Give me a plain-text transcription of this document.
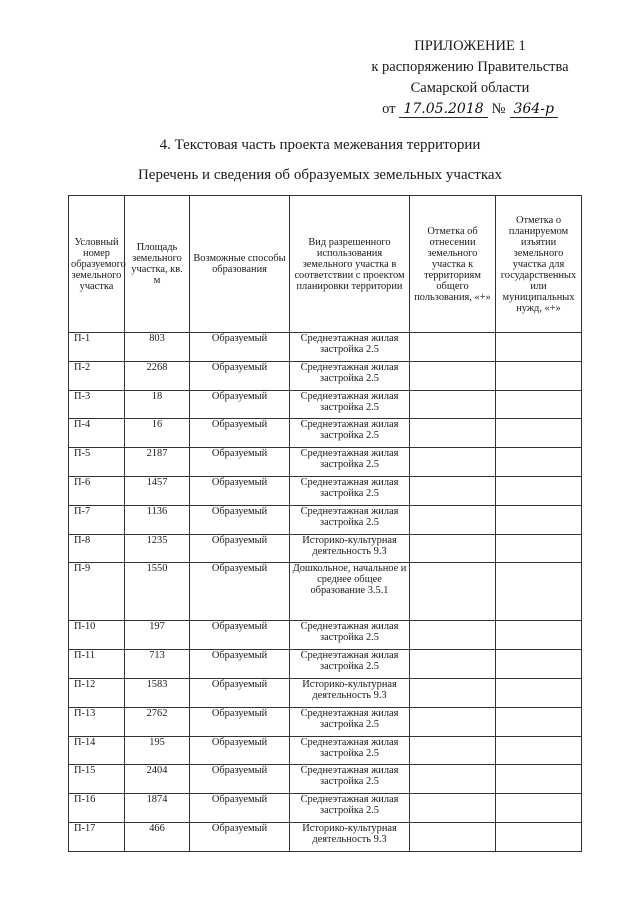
ПРИЛОЖЕНИЕ 1
к распоряжению Правительства
Самарской области
от 17.05.2018 № 364-р
4. Текстовая часть проекта межевания территории
Перечень и сведения об образуемых земельных участках
Условный номер образуемого земельного участка	Площадь земельного участка, кв. м	Возможные способы образования	Вид разрешенного использования земельного участка в соответствии с проектом планировки территории	Отметка об отнесении земельного участка к территориям общего пользования, «+»	Отметка о планируемом изъятии земельного участка для государственных или муниципальных нужд, «+»
П-1	803	Образуемый	Среднеэтажная жилая застройка 2.5		
П-2	2268	Образуемый	Среднеэтажная жилая застройка 2.5		
П-3	18	Образуемый	Среднеэтажная жилая застройка 2.5		
П-4	16	Образуемый	Среднеэтажная жилая застройка 2.5		
П-5	2187	Образуемый	Среднеэтажная жилая застройка 2.5		
П-6	1457	Образуемый	Среднеэтажная жилая застройка 2.5		
П-7	1136	Образуемый	Среднеэтажная жилая застройка 2.5		
П-8	1235	Образуемый	Историко-культурная деятельность 9.3		
П-9	1550	Образуемый	Дошкольное, начальное и среднее общее образование 3.5.1		
П-10	197	Образуемый	Среднеэтажная жилая застройка 2.5		
П-11	713	Образуемый	Среднеэтажная жилая застройка 2.5		
П-12	1583	Образуемый	Историко-культурная деятельность 9.3		
П-13	2762	Образуемый	Среднеэтажная жилая застройка 2.5		
П-14	195	Образуемый	Среднеэтажная жилая застройка 2.5		
П-15	2404	Образуемый	Среднеэтажная жилая застройка 2.5		
П-16	1874	Образуемый	Среднеэтажная жилая застройка 2.5		
П-17	466	Образуемый	Историко-культурная деятельность 9.3		
